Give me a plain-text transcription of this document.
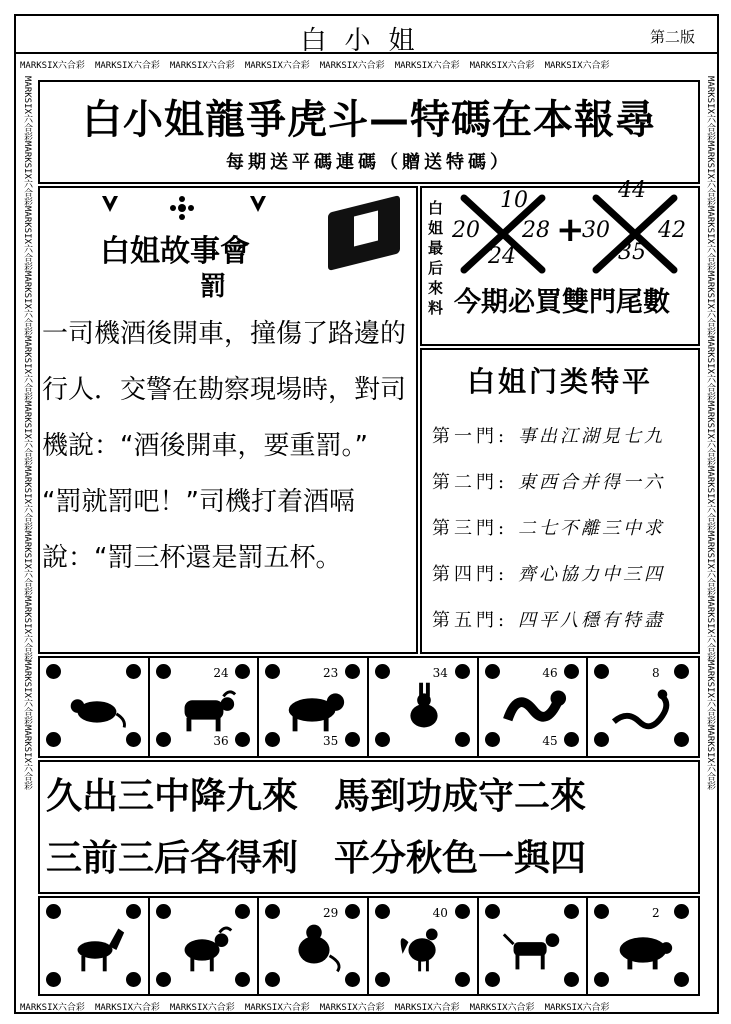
白小姐	第二版
MARKSIX六合彩 MARKSIX六合彩 MARKSIX六合彩 MARKSIX六合彩 MARKSIX六合彩 MARKSIX六合彩 MARKSIX六合彩 MARKSIX六合彩
MARKSIX六合彩 MARKSIX六合彩 MARKSIX六合彩 MARKSIX六合彩 MARKSIX六合彩 MARKSIX六合彩 MARKSIX六合彩 MARKSIX六合彩
MARKSIX六合彩MARKSIX六合彩MARKSIX六合彩MARKSIX六合彩MARKSIX六合彩MARKSIX六合彩MARKSIX六合彩MARKSIX六合彩MARKSIX六合彩MARKSIX六合彩MARKSIX六合彩
MARKSIX六合彩MARKSIX六合彩MARKSIX六合彩MARKSIX六合彩MARKSIX六合彩MARKSIX六合彩MARKSIX六合彩MARKSIX六合彩MARKSIX六合彩MARKSIX六合彩MARKSIX六合彩
白小姐龍爭虎斗—特碼在本報尋
每期送平碼連碼（贈送特碼）
白姐故事會
罰
一司機酒後開車，撞傷了路邊的行人．交警在勘察現場時，對司機說：“酒後開車，要重罰。” “罰就罰吧！”司機打着酒嗝說：“罰三杯還是罰五杯。
白姐最后來料
10
20 28
24
+
44
30 42
35
今期必買雙門尾數
白姐门类特平
第一門: 事出江湖見七九
第二門: 東西合并得一六
第三門: 二七不離三中求
第四門: 齊心協力中三四
第五門: 四平八穩有特盡
24
36
23
35
34	46
45
8
久出三中降九來　馬到功成守二來
三前三后各得利　平分秋色一與四
29	40	2
